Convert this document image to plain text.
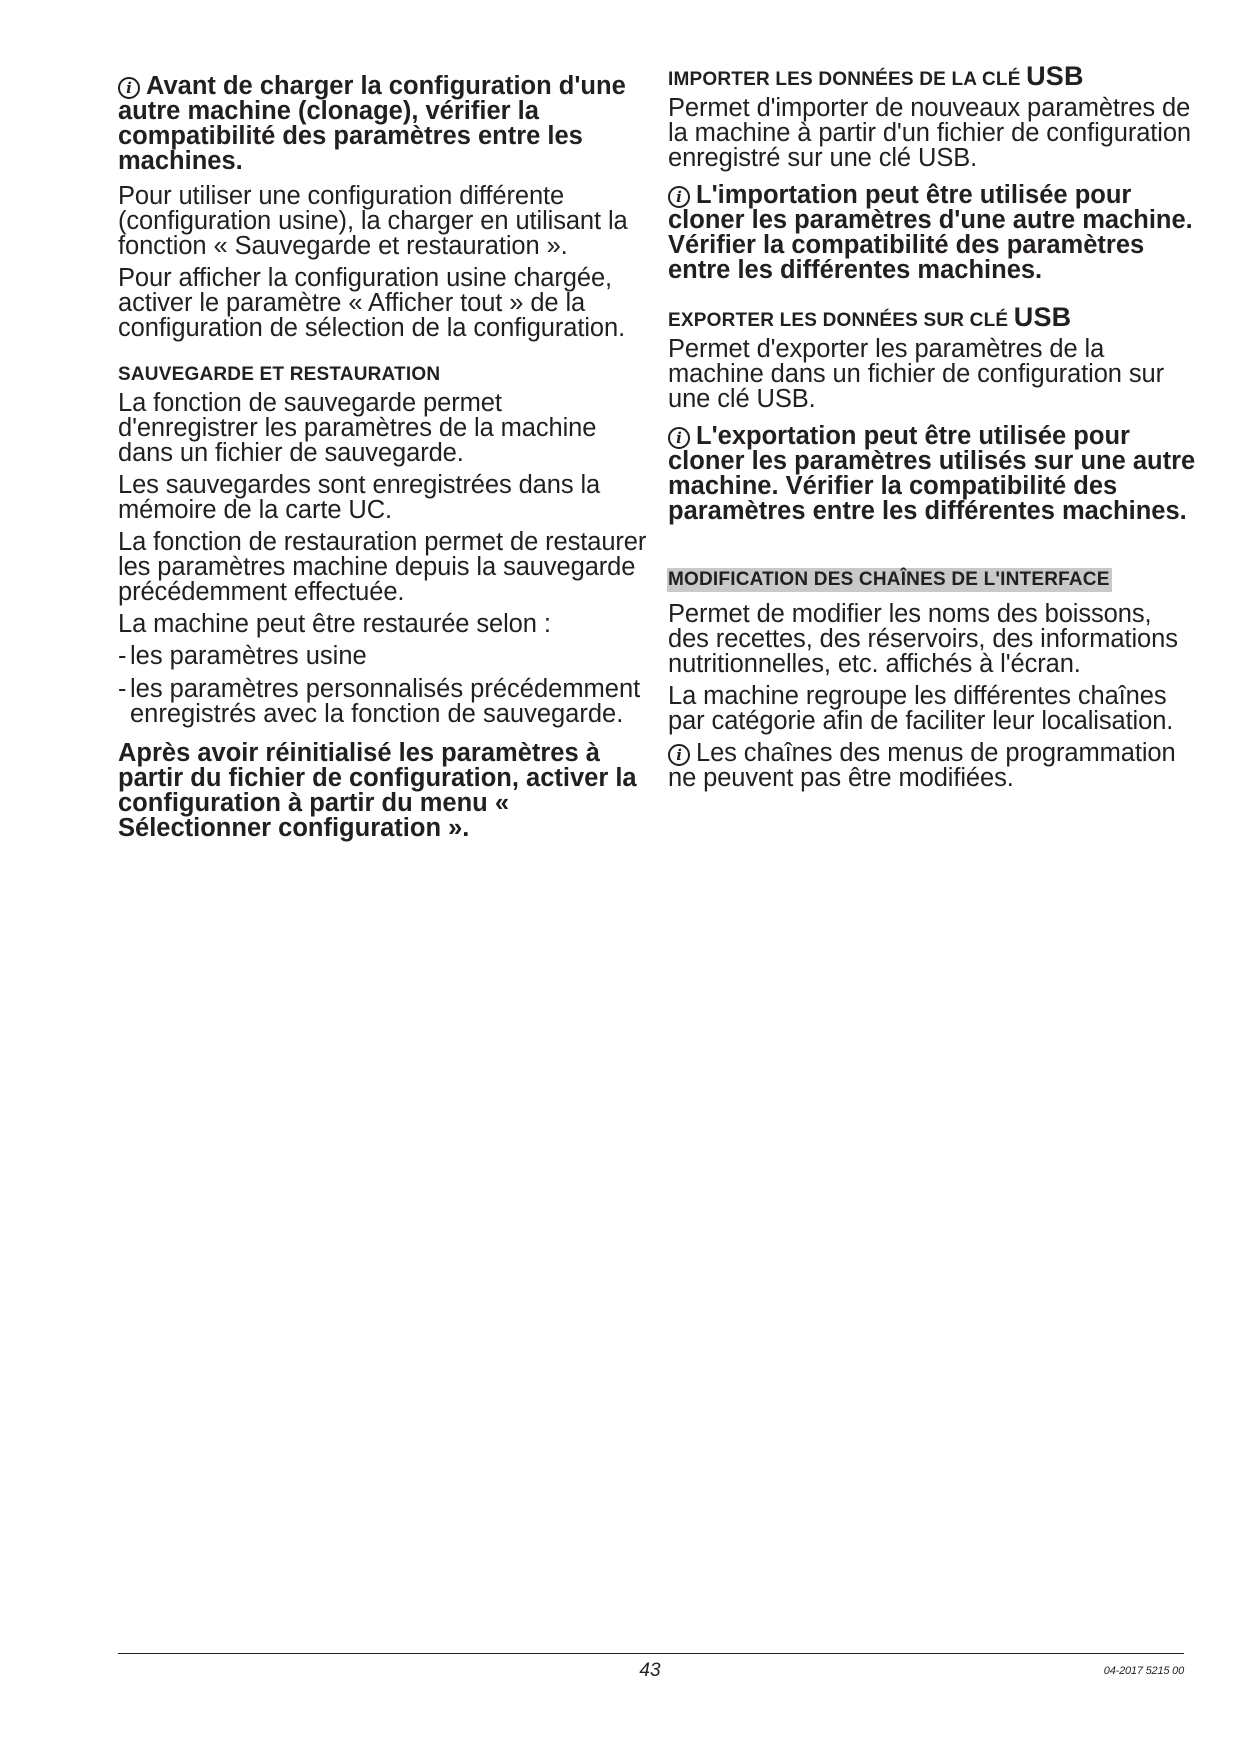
i Avant de charger la configuration d'une autre machine (clonage), vérifier la compatibilité des paramètres entre les machines.

Pour utiliser une configuration différente (configuration usine), la charger en utilisant la fonction « Sauvegarde et restauration ».

Pour afficher la configuration usine chargée, activer le paramètre « Afficher tout » de la configuration de sélection de la configuration.

SAUVEGARDE ET RESTAURATION

La fonction de sauvegarde permet d'enregistrer les paramètres de la machine dans un fichier de sauvegarde.

Les sauvegardes sont enregistrées dans la mémoire de la carte UC.

La fonction de restauration permet de restaurer les paramètres machine depuis la sauvegarde précédemment effectuée.

La machine peut être restaurée selon :

- les paramètres usine
- les paramètres personnalisés précédemment enregistrés avec la fonction de sauvegarde.

Après avoir réinitialisé les paramètres à partir du fichier de configuration, activer la configuration à partir du menu « Sélectionner configuration ».

IMPORTER LES DONNÉES DE LA CLÉ USB

Permet d'importer de nouveaux paramètres de la machine à partir d'un fichier de configuration enregistré sur une clé USB.

i L'importation peut être utilisée pour cloner les paramètres d'une autre machine. Vérifier la compatibilité des paramètres entre les différentes machines.

EXPORTER LES DONNÉES SUR CLÉ USB

Permet d'exporter les paramètres de la machine dans un fichier de configuration sur une clé USB.

i L'exportation peut être utilisée pour cloner les paramètres utilisés sur une autre machine. Vérifier la compatibilité des paramètres entre les différentes machines.

MODIFICATION DES CHAÎNES DE L'INTERFACE

Permet de modifier les noms des boissons, des recettes, des réservoirs, des informations nutritionnelles, etc. affichés à l'écran.

La machine regroupe les différentes chaînes par catégorie afin de faciliter leur localisation.

i Les chaînes des menus de programmation ne peuvent pas être modifiées.

43	04-2017 5215 00
